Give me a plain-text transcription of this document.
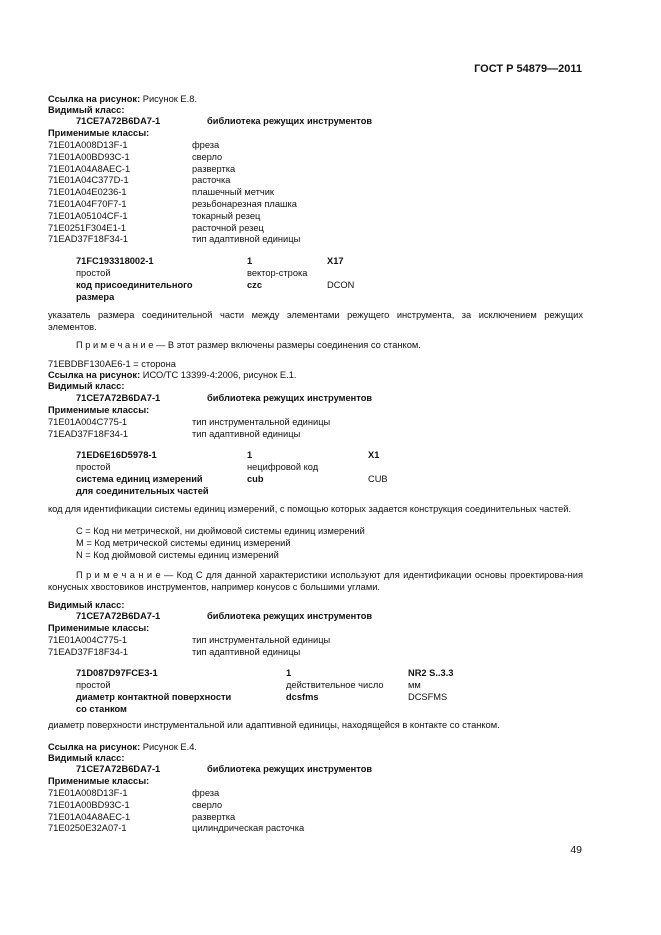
ГОСТ Р 54879—2011
Ссылка на рисунок: Рисунок E.8.
Видимый класс:
71CE7A72B6DA7-1	библиотека режущих инструментов
Применимые классы:
71E01A008D13F-1	фреза
71E01A00BD93C-1	сверло
71E01A04A8AEC-1	развертка
71E01A04C377D-1	расточка
71E01A04E0236-1	плашечный метчик
71E01A04F70F7-1	резьбонарезная плашка
71E01A05104CF-1	токарный резец
71E0251F304E1-1	расточной резец
71EAD37F18F34-1	тип адаптивной единицы
71FC193318002-1	1	X17
простой	вектор-строка
код присоединительного	czc	DCON
размера
указатель размера соединительной части между элементами режущего инструмента, за исключением режущих элементов.
П р и м е ч а н и е — В этот размер включены размеры соединения со станком.
71EBDBF130AE6-1 = сторона
Ссылка на рисунок: ИСО/ТС 13399-4:2006, рисунок E.1.
Видимый класс:
71CE7A72B6DA7-1	библиотека режущих инструментов
Применимые классы:
71E01A004C775-1	тип инструментальной единицы
71EAD37F18F34-1	тип адаптивной единицы
71ED6E16D5978-1	1	X1
простой	нецифровой код
система единиц измерений	cub	CUB
для соединительных частей
код для идентификации системы единиц измерений, с помощью которых задается конструкция соединительных частей.
C = Код ни метрической, ни дюймовой системы единиц измерений
M = Код метрической системы единиц измерений
N = Код дюймовой системы единиц измерений
П р и м е ч а н и е — Код C для данной характеристики используют для идентификации основы проектирова-ния конусных хвостовиков инструментов, например конусов с большими углами.
Видимый класс:
71CE7A72B6DA7-1	библиотека режущих инструментов
Применимые классы:
71E01A004C775-1	тип инструментальной единицы
71EAD37F18F34-1	тип адаптивной единицы
71D087D97FCE3-1	1	NR2 S..3.3
простой	действительное число	мм
диаметр контактной поверхности	dcsfms	DCSFMS
со станком
диаметр поверхности инструментальной или адаптивной единицы, находящейся в контакте со станком.
Ссылка на рисунок: Рисунок E.4.
Видимый класс:
71CE7A72B6DA7-1	библиотека режущих инструментов
Применимые классы:
71E01A008D13F-1	фреза
71E01A00BD93C-1	сверло
71E01A04A8AEC-1	развертка
71E0250E32A07-1	цилиндрическая расточка
49
